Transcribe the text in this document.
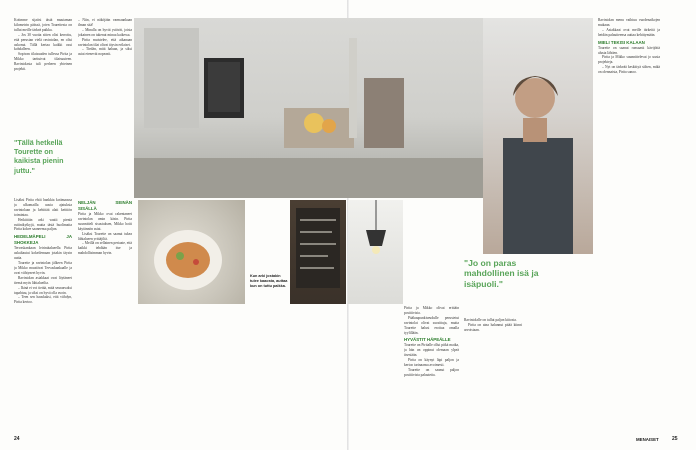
Kotimme sijaitsi tästä muutaman kilometrin päässä, joten Tourettesta on tullut meille tärkeä paikka.

– Jos 30 vuotta sitten olisi kerrottu, että perustan vielä ravintolan, en olisi uskonut. Tällä kertaa kaikki osui kohdalleen.

Sopivan tilaisuuden tullessa Pirita ja Mikko tarttuivat tilaisuuteen. Ravintolasta tuli perheen yhteinen projekti.

"Tällä hetkellä Tourette on kaikista pienin juttu."

Lisäksi Pirita ehtii hankkia kotimaassa ja ulkomailla uusia ajatuksia ravintolaan ja kehittää alati keittiön toimintaa.

Hetkittäin arki vaatii pieniä rutiinikytkyjä, mutta tästä huolimatta Pirita kokee saaneensa paljon.

HEDELMÄPELI JA SHOKKEJA

Tervaskankaan leirintäalueella Pirita uskaltautui kokeilemaan jotakin täysin uutta.

Tourette ja ravintolan jälkeen Pirita ja Mikko muuttivat Tervaskankaalle ja ovat viihtyneet hyvin.

Ravintolan asiakkaat ovat löytäneet tiensä myös lähialueilta.

– Ikinä ei voi tietää, mitä seuraavaksi tapahtuu, ja siksi on hyvä olla avoin.

– Teen sen hauskaksi, että viihdyn, Pirita kertoo.

– Niin, ei näköjään varmaankaan ilman sitä!

– Minulla on hyvät ystävät, joista jokainen on tukenut minua kaikessa.

Pirita muistelee, että aikanaan ravintolan tilat olivat täysin erilaiset.

– Tiedän, mitä haluan, ja siksi asiat etenevät nopeasti.

NELJÄN SEINÄN SISÄLLÄ

Pirita ja Mikko ovat rakentaneet ravintolan omin käsin. Pirita suunnitteli sisustuksen, Mikko hoiti käytännön asiat.

Lisäksi Tourette on saanut tukea lähialueen yrittäjiltä.

– Meillä on sellainen periaate, että kaikki tehdään itse ja mahdollisimman hyvin.

Kun arki jostakin tulee kaaosta, auttaa kun on tuttu paikka.
24

Pirita ja Mikko olivat erittäin positiivisia.

Pääkaupunkiseudulle perustetut ravintolat olivat suosittuja, mutta Tourette halusi erottua omalla tyylillään.

HYVÄSTIT HÄPEÄLLE

Tourette on Piritalle ollut pitkä matka, ja hän on oppinut olemaan ylpeä itsestään.

Pirita on käynyt läpi paljon ja kertoo tarinaansa avoimesti.

Tourette on saanut paljon positiivista palautetta.

"Jo on paras mahdollinen isä ja isäpuoli."

Ravintolalle on tullut paljon kiitosta.

Pirita on aina halunnut pitää kiinni arvoistaan.

Ravintolan menu vaihtuu vuodenaikojen mukaan.

– Asiakkaat ovat meille tärkeitä ja heidän palautteensa auttaa kehittymään.

MIELI TEKISI KALAAN

Tourette on saanut runsaasti kävijöitä alusta lähtien.

Pirita ja Mikko suunnittelevat jo uusia projekteja.

– Nyt on tärkeää keskittyä siihen, mikä on olennaista, Pirita sanoo.

MENAISET	25
